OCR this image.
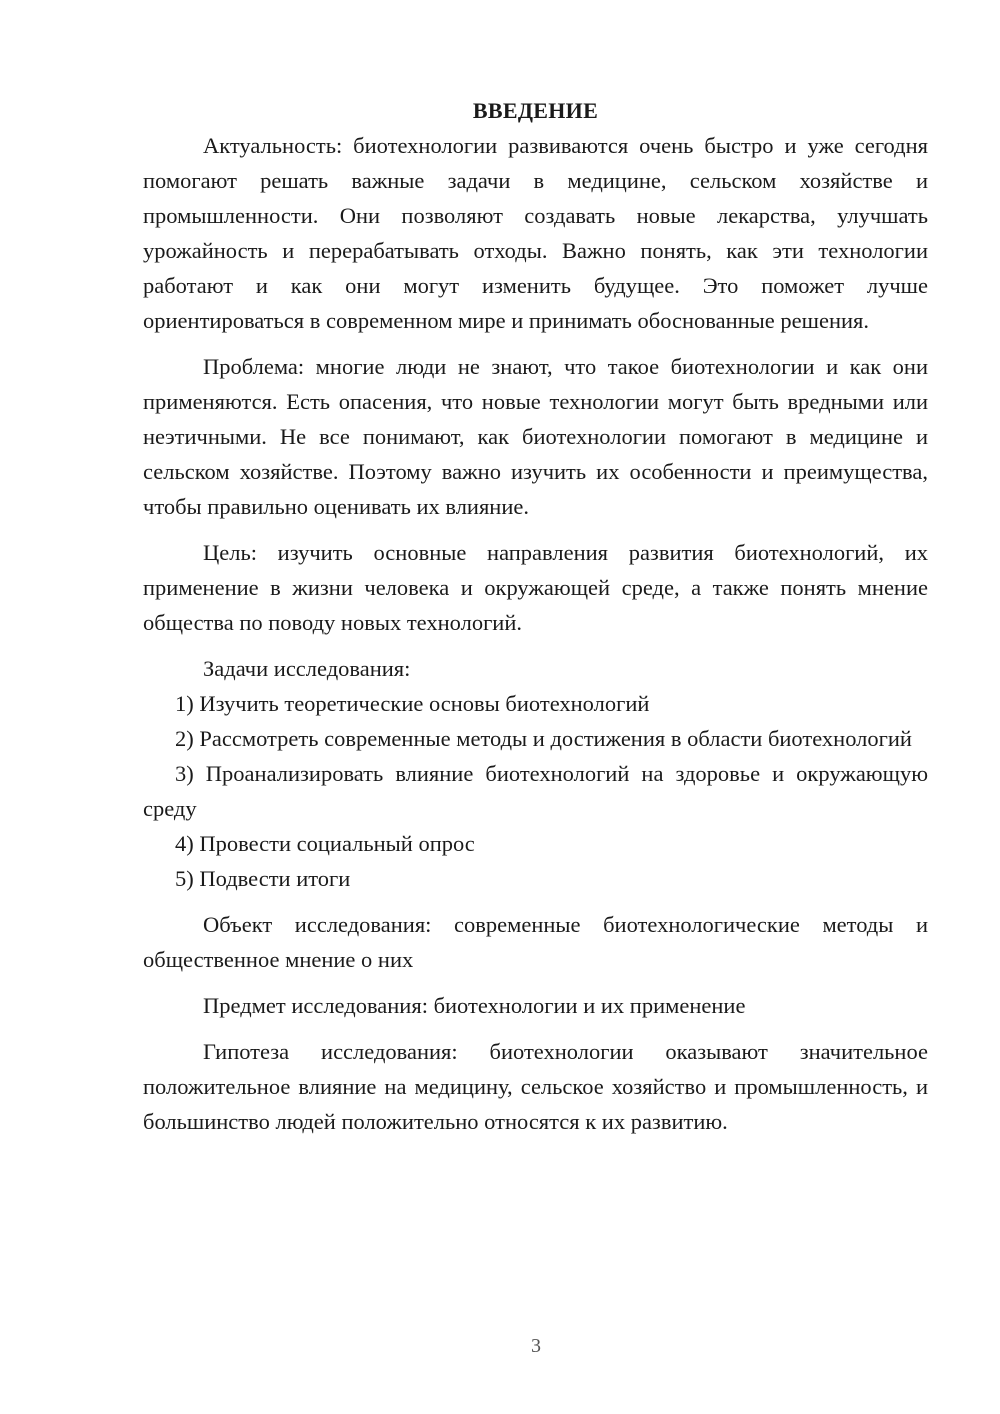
ВВЕДЕНИЕ

Актуальность: биотехнологии развиваются очень быстро и уже сегодня помогают решать важные задачи в медицине, сельском хозяйстве и промышленности. Они позволяют создавать новые лекарства, улучшать урожайность и перерабатывать отходы. Важно понять, как эти технологии работают и как они могут изменить будущее. Это поможет лучше ориентироваться в современном мире и принимать обоснованные решения.

Проблема: многие люди не знают, что такое биотехнологии и как они применяются. Есть опасения, что новые технологии могут быть вредными или неэтичными. Не все понимают, как биотехнологии помогают в медицине и сельском хозяйстве. Поэтому важно изучить их особенности и преимущества, чтобы правильно оценивать их влияние.

Цель: изучить основные направления развития биотехнологий, их применение в жизни человека и окружающей среде, а также понять мнение общества по поводу новых технологий.

Задачи исследования:

1) Изучить теоретические основы биотехнологий

2) Рассмотреть современные методы и достижения в области биотехнологий

3) Проанализировать влияние биотехнологий на здоровье и окружающую среду

4) Провести социальный опрос

5) Подвести итоги

Объект исследования: современные биотехнологические методы и общественное мнение о них

Предмет исследования: биотехнологии и их применение

Гипотеза исследования: биотехнологии оказывают значительное положительное влияние на медицину, сельское хозяйство и промышленность, и большинство людей положительно относятся к их развитию.

3
